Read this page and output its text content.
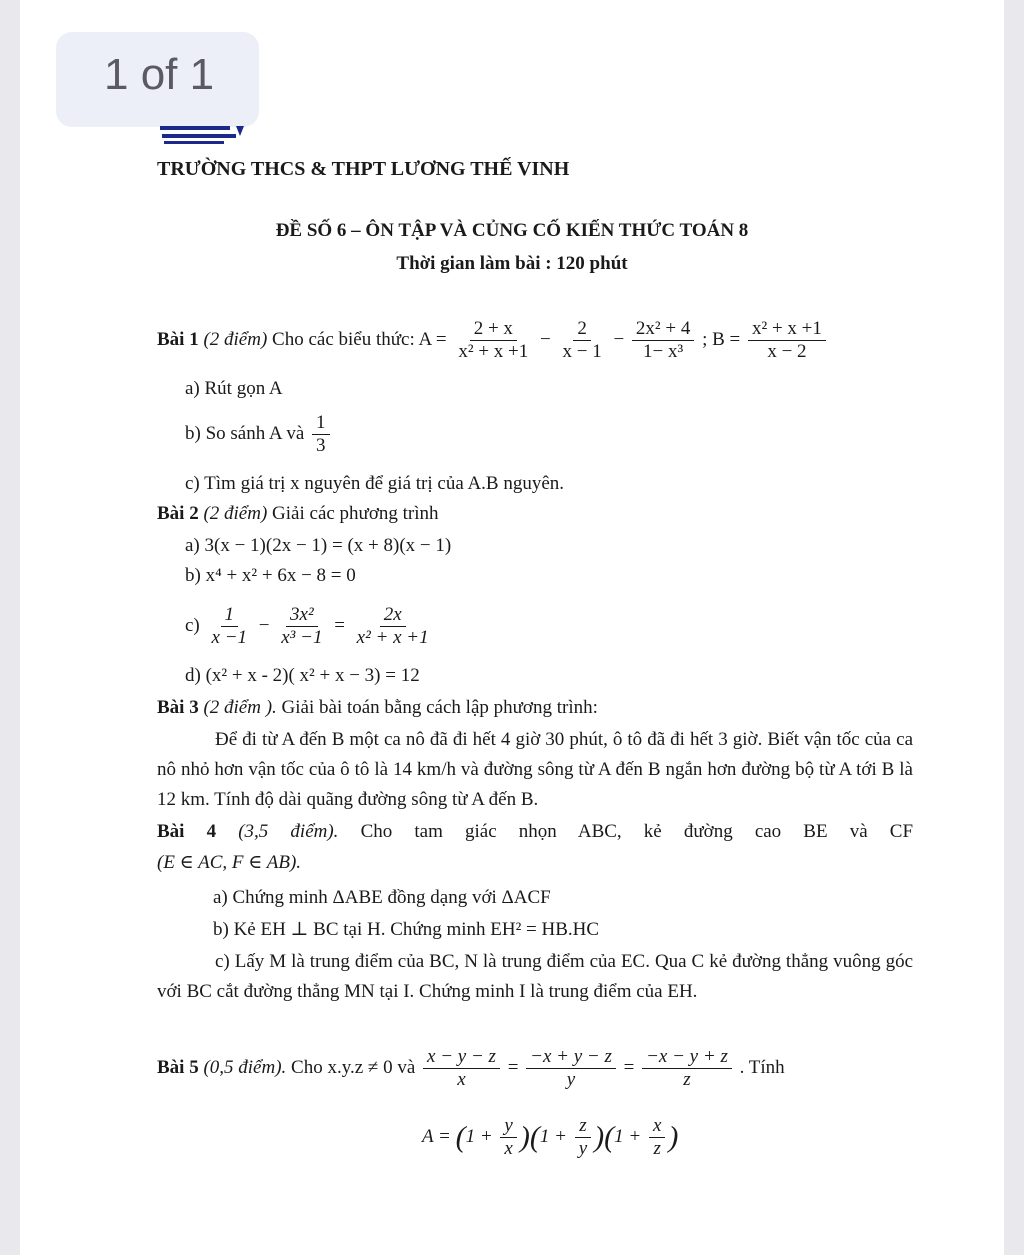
1 of 1
TRƯỜNG THCS & THPT LƯƠNG THẾ VINH
ĐỀ SỐ 6 – ÔN TẬP VÀ CỦNG CỐ KIẾN THỨC TOÁN 8
Thời gian làm bài : 120 phút
Bài 1 (2 điểm) Cho các biểu thức: $A = \frac{2 + x}{\text{x² + x +1}} - \frac{2}{x - 1} - \frac{\text{2x² + 4}}{\text{1− x³}}$ ; $B = \frac{\text{x² + x +1}}{x - 2}$
a) Rút gọn A
b) So sánh A và $\frac{1}{3}$
c) Tìm giá trị x nguyên để giá trị của A.B nguyên.
Bài 2 (2 điểm) Giải các phương trình
a) 3(x − 1)(2x − 1) = (x + 8)(x − 1)
b) x⁴ + x² + 6x − 8 = 0
$c) \frac{1}{x -1} - \frac{\text{3x²}}{\text{x³ −1}} = \frac{2x}{\text{x² + x +1}}$
d) (x² + x - 2)( x² + x − 3) = 12
Bài 3 (2 điểm ). Giải bài toán bằng cách lập phương trình:
Để đi từ A đến B một ca nô đã đi hết 4 giờ 30 phút, ô tô đã đi hết 3 giờ. Biết vận tốc của ca nô nhỏ hơn vận tốc của ô tô là 14 km/h và đường sông từ A đến B ngắn hơn đường bộ từ A tới B là 12 km. Tính độ dài quãng đường sông từ A đến B.
Bài 4 (3,5 điểm). Cho tam giác nhọn ABC, kẻ đường cao BE và CF
(E ∈ AC, F ∈ AB).
a) Chứng minh ΔABE đồng dạng với ΔACF
b) Kẻ EH ⊥ BC tại H. Chứng minh EH² = HB.HC
c) Lấy M là trung điểm của BC, N là trung điểm của EC. Qua C kẻ đường thẳng vuông góc với BC cắt đường thẳng MN tại I. Chứng minh I là trung điểm của EH.
Bài 5 (0,5 điểm). Cho x.y.z ≠ 0 và $\frac{x - y - z}{x} = \frac{-x + y - z}{y} = \frac{-x - y + z}{z}$ . Tính
$A = (1 + \frac{y}{x} )(1 + \frac{z}{y} )(1 + \frac{x}{z}$ )
